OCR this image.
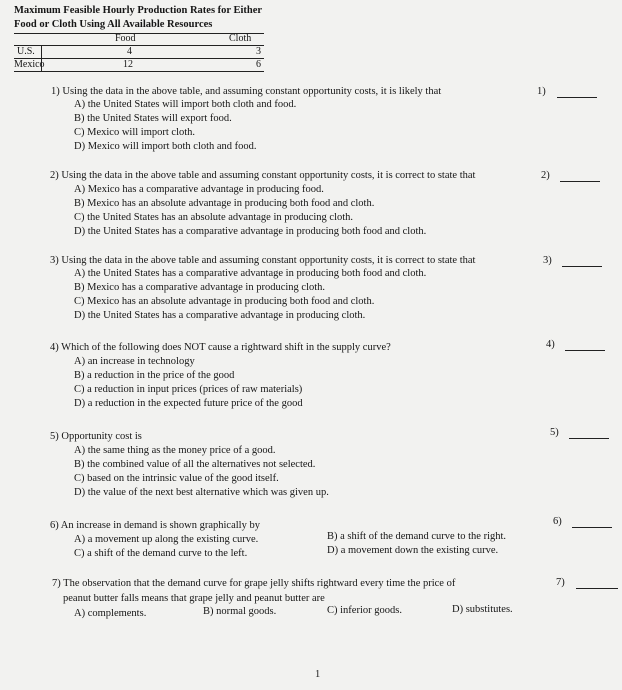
Maximum Feasible Hourly Production Rates for Either
Food or Cloth Using All Available Resources
Food	Cloth
U.S.	4	3
Mexico	12	6
1) Using the data in the above table, and assuming constant opportunity costs, it is likely that	1)
A) the United States will import both cloth and food.
B) the United States will export food.
C) Mexico will import cloth.
D) Mexico will import both cloth and food.
2) Using the data in the above table and assuming constant opportunity costs, it is correct to state that	2)
A) Mexico has a comparative advantage in producing food.
B) Mexico has an absolute advantage in producing both food and cloth.
C) the United States has an absolute advantage in producing cloth.
D) the United States has a comparative advantage in producing both food and cloth.
3) Using the data in the above table and assuming constant opportunity costs, it is correct to state that	3)
A) the United States has a comparative advantage in producing both food and cloth.
B) Mexico has a comparative advantage in producing cloth.
C) Mexico has an absolute advantage in producing both food and cloth.
D) the United States has a comparative advantage in producing cloth.
4) Which of the following does NOT cause a rightward shift in the supply curve?	4)
A) an increase in technology
B) a reduction in the price of the good
C) a reduction in input prices (prices of raw materials)
D) a reduction in the expected future price of the good
5) Opportunity cost is	5)
A) the same thing as the money price of a good.
B) the combined value of all the alternatives not selected.
C) based on the intrinsic value of the good itself.
D) the value of the next best alternative which was given up.
6) An increase in demand is shown graphically by	6)
A) a movement up along the existing curve.	B) a shift of the demand curve to the right.
C) a shift of the demand curve to the left.	D) a movement down the existing curve.
7) The observation that the demand curve for grape jelly shifts rightward every time the price of
peanut butter falls means that grape jelly and peanut butter are
7)
A) complements.	B) normal goods.	C) inferior goods.	D) substitutes.
1
